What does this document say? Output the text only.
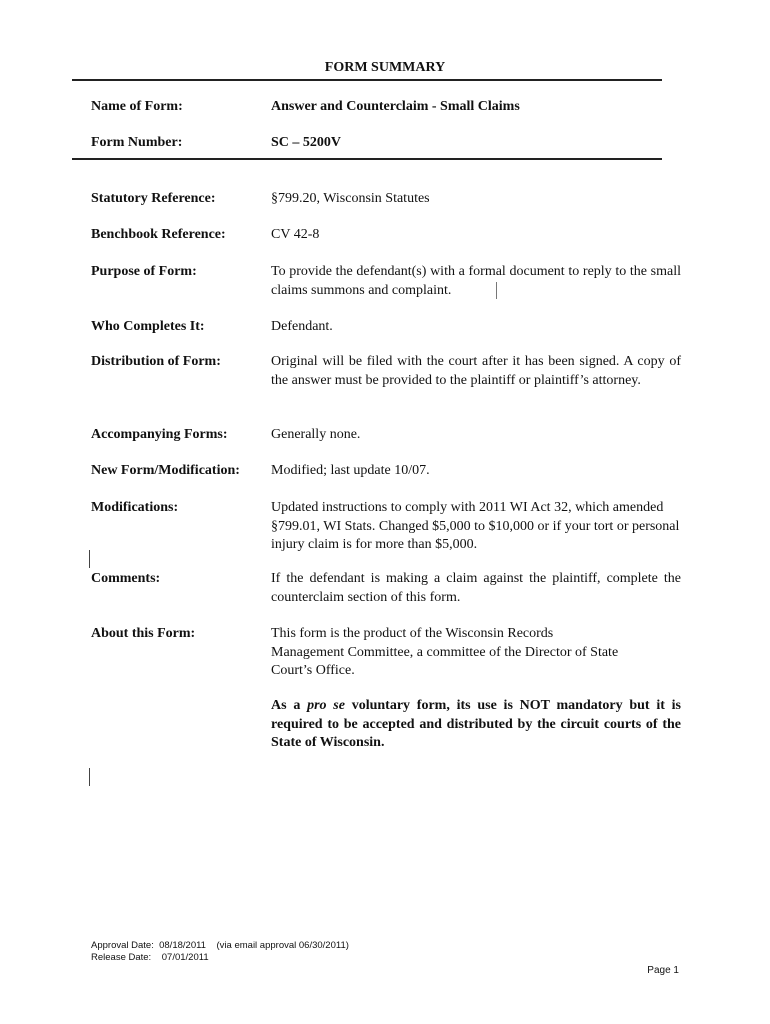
FORM SUMMARY
Name of Form:	Answer and Counterclaim - Small Claims
Form Number:	SC – 5200V
Statutory Reference:	§799.20, Wisconsin Statutes
Benchbook Reference:	CV 42-8
Purpose of Form:	To provide the defendant(s) with a formal document to reply to the small claims summons and complaint.
Who Completes It:	Defendant.
Distribution of Form:	Original will be filed with the court after it has been signed. A copy of the answer must be provided to the plaintiff or plaintiff’s attorney.
Accompanying Forms:	Generally none.
New Form/Modification:	Modified; last update 10/07.
Modifications:	Updated instructions to comply with 2011 WI Act 32, which amended §799.01, WI Stats. Changed $5,000 to $10,000 or if your tort or personal injury claim is for more than $5,000.
Comments:	If the defendant is making a claim against the plaintiff, complete the counterclaim section of this form.
About this Form:	This form is the product of the Wisconsin Records Management Committee, a committee of the Director of State Court’s Office.
As a pro se voluntary form, its use is NOT mandatory but it is required to be accepted and distributed by the circuit courts of the State of Wisconsin.
Approval Date:  08/18/2011    (via email approval 06/30/2011)
Release Date:    07/01/2011
Page 1
